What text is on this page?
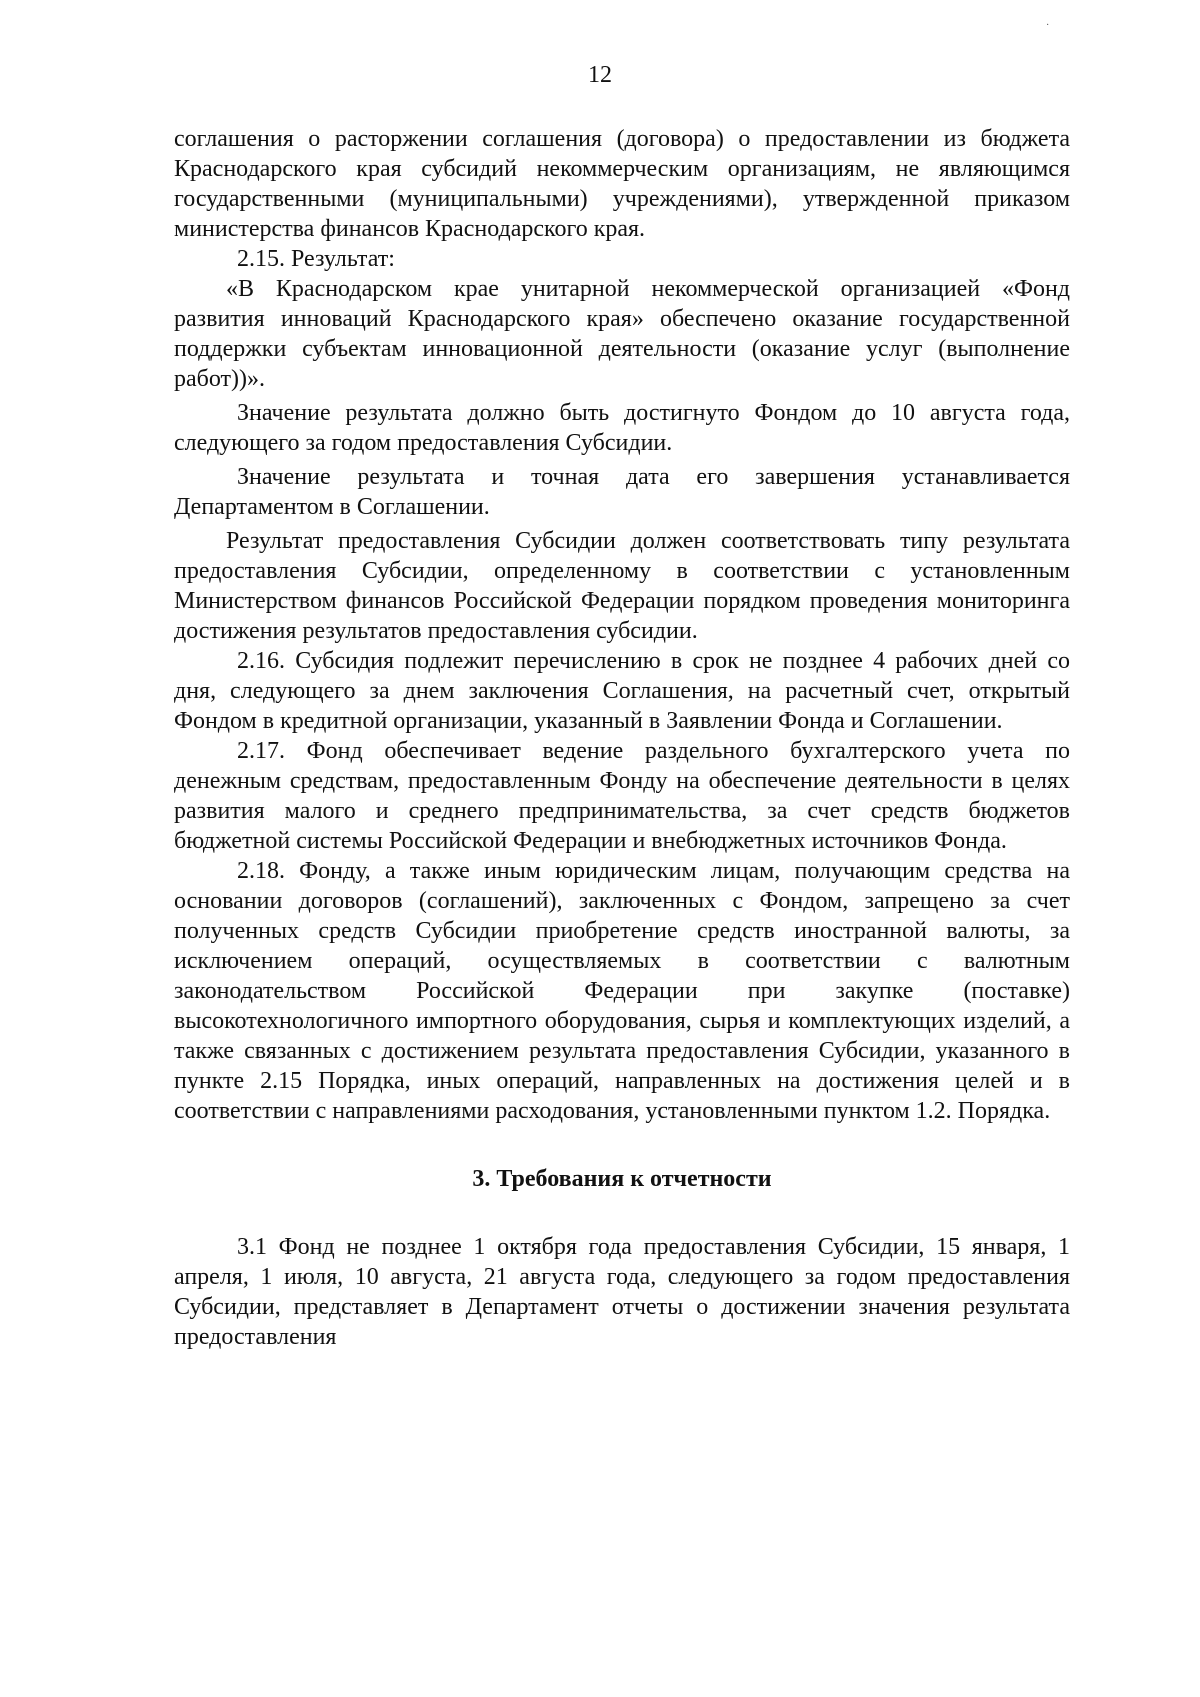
·
12

соглашения о расторжении соглашения (договора) о предоставлении из бюджета Краснодарского края субсидий некоммерческим организациям, не являющимся государственными (муниципальными) учреждениями), утвержденной приказом министерства финансов Краснодарского края.

2.15. Результат:

«В Краснодарском крае унитарной некоммерческой организацией «Фонд развития инноваций Краснодарского края» обеспечено оказание государственной поддержки субъектам инновационной деятельности (оказание услуг (выполнение работ))».

Значение результата должно быть достигнуто Фондом до 10 августа года, следующего за годом предоставления Субсидии.

Значение результата и точная дата его завершения устанавливается Департаментом в Соглашении.

Результат предоставления Субсидии должен соответствовать типу результата предоставления Субсидии, определенному в соответствии с установленным Министерством финансов Российской Федерации порядком проведения мониторинга достижения результатов предоставления субсидии.

2.16. Субсидия подлежит перечислению в срок не позднее 4 рабочих дней со дня, следующего за днем заключения Соглашения, на расчетный счет, открытый Фондом в кредитной организации, указанный в Заявлении Фонда и Соглашении.

2.17. Фонд обеспечивает ведение раздельного бухгалтерского учета по денежным средствам, предоставленным Фонду на обеспечение деятельности в целях развития малого и среднего предпринимательства, за счет средств бюджетов бюджетной системы Российской Федерации и внебюджетных источников Фонда.

2.18. Фонду, а также иным юридическим лицам, получающим средства на основании договоров (соглашений), заключенных с Фондом, запрещено за счет полученных средств Субсидии приобретение средств иностранной валюты, за исключением операций, осуществляемых в соответствии с валютным законодательством Российской Федерации при закупке (поставке) высокотехнологичного импортного оборудования, сырья и комплектующих изделий, а также связанных с достижением результата предоставления Субсидии, указанного в пункте 2.15 Порядка, иных операций, направленных на достижения целей и в соответствии с направлениями расходования, установленными пунктом 1.2. Порядка.

3. Требования к отчетности

3.1 Фонд не позднее 1 октября года предоставления Субсидии, 15 января, 1 апреля, 1 июля, 10 августа, 21 августа года, следующего за годом предоставления Субсидии, представляет в Департамент отчеты о достижении значения результата предоставления
